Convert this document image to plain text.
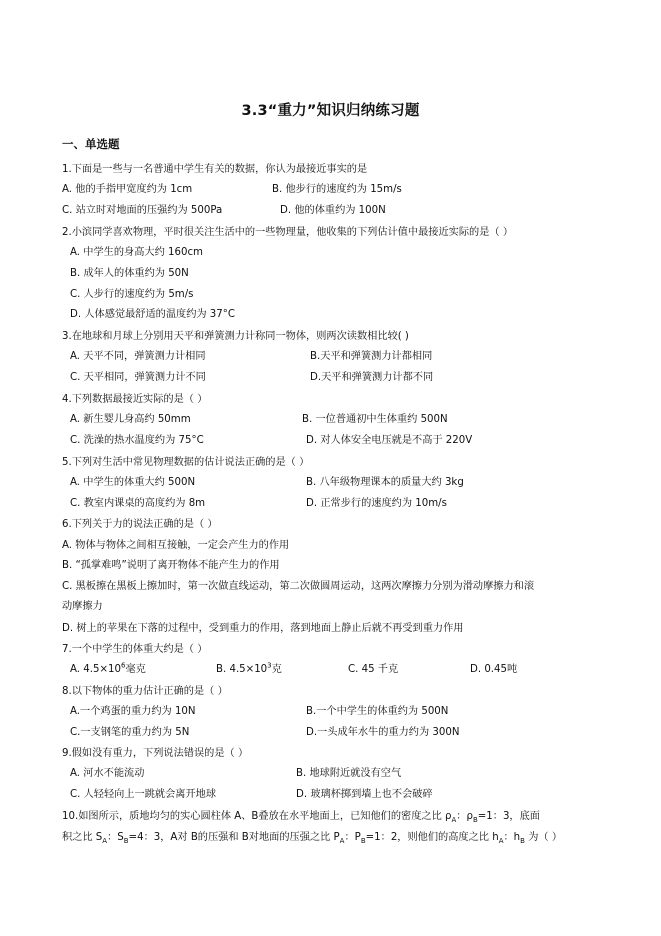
3.3“重力”知识归纳练习题
一、单选题
1.下面是一些与一名普通中学生有关的数据，你认为最接近事实的是
A. 他的手指甲宽度约为 1cm	B. 他步行的速度约为 15m/s
C. 站立时对地面的压强约为 500Pa	D. 他的体重约为 100N
2.小滨同学喜欢物理，平时很关注生活中的一些物理量，他收集的下列估计值中最接近实际的是（ ）
A. 中学生的身高大约 160cm
B. 成年人的体重约为 50N
C. 人步行的速度约为 5m/s
D. 人体感觉最舒适的温度约为 37°C
3.在地球和月球上分别用天平和弹簧测力计称同一物体，则两次读数相比较( )
A. 天平不同，弹簧测力计相同	B.天平和弹簧测力计都相同
C. 天平相同，弹簧测力计不同	D.天平和弹簧测力计都不同
4.下列数据最接近实际的是（ ）
A. 新生婴儿身高约 50mm	B. 一位普通初中生体重约 500N
C. 洗澡的热水温度约为 75°C	D. 对人体安全电压就是不高于 220V
5.下列对生活中常见物理数据的估计说法正确的是（ ）
A. 中学生的体重大约 500N	B. 八年级物理课本的质量大约 3kg
C. 教室内课桌的高度约为 8m	D. 正常步行的速度约为 10m/s
6.下列关于力的说法正确的是（ ）
A. 物体与物体之间相互接触，一定会产生力的作用
B. “孤掌难鸣”说明了离开物体不能产生力的作用
C. 黑板擦在黑板上擦加时，第一次做直线运动，第二次做圆周运动，这两次摩擦力分别为滑动摩擦力和滚
动摩擦力
D. 树上的苹果在下落的过程中，受到重力的作用，落到地面上静止后就不再受到重力作用
7.一个中学生的体重大约是（ ）
A. $4.5\times 10^6$毫克	B. $4.5\times 10^3$克	C. 45 千克	D. 0.45吨
8.以下物体的重力估计正确的是（ ）
A.一个鸡蛋的重力约为 10N	B.一个中学生的体重约为 500N
C.一支钢笔的重力约为 5N	D.一头成年水牛的重力约为 300N
9.假如没有重力，下列说法错误的是（ ）
A. 河水不能流动	B. 地球附近就没有空气
C. 人轻轻向上一跳就会离开地球	D. 玻璃杯掷到墙上也不会破碎
10.如图所示，质地均匀的实心圆柱体 A、B叠放在水平地面上，已知他们的密度之比 $\rho_A$：$\rho_B=1$：3，底面
积之比 $S_A$：$S_B=4$：3，A对 B的压强和 B对地面的压强之比 $P_A$：$P_B=1$：2，则他们的高度之比 $h_A$：$h_B$ 为（ ）
